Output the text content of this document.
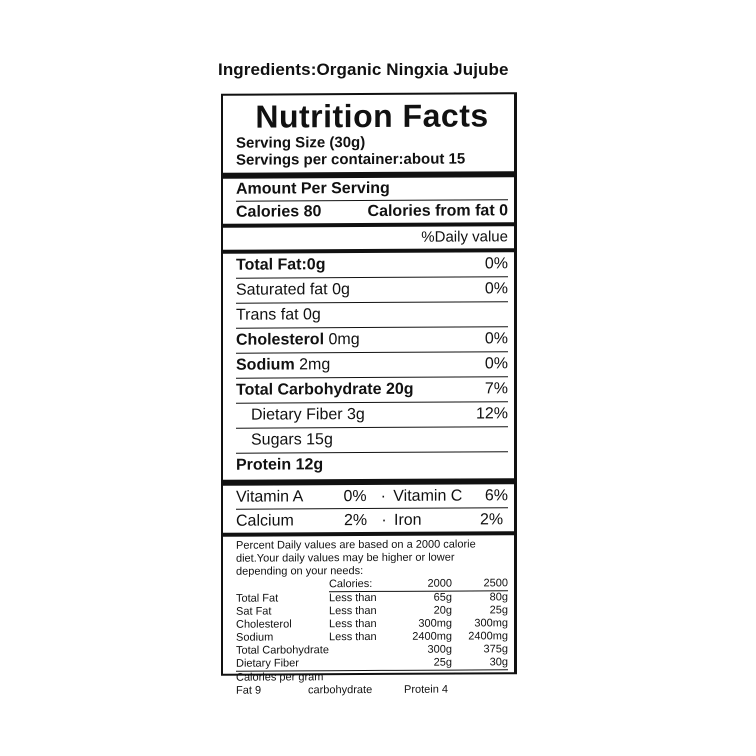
Ingredients:Organic Ningxia Jujube
Nutrition Facts
Serving Size (30g)
Servings per container:about 15
Amount Per Serving
Calories 80	Calories from fat 0
%Daily value
Total Fat:0g	0%
Saturated fat 0g	0%
Trans fat 0g
Cholesterol 0mg	0%
Sodium 2mg	0%
Total Carbohydrate 20g	7%
Dietary Fiber 3g	12%
Sugars 15g
Protein 12g
Vitamin A	0% · Vitamin C	6%
Calcium	2% · Iron	2%
Percent Daily values are based on a 2000 calorie diet.Your daily values may be higher or lower depending on your needs:
	Calories:	2000	2500
Total Fat	Less than	65g	80g
Sat Fat	Less than	20g	25g
Cholesterol	Less than	300mg	300mg
Sodium	Less than	2400mg	2400mg
Total Carbohydrate		300g	375g
Dietary Fiber		25g	30g
Calories per gram
Fat 9	carbohydrate	Protein 4
